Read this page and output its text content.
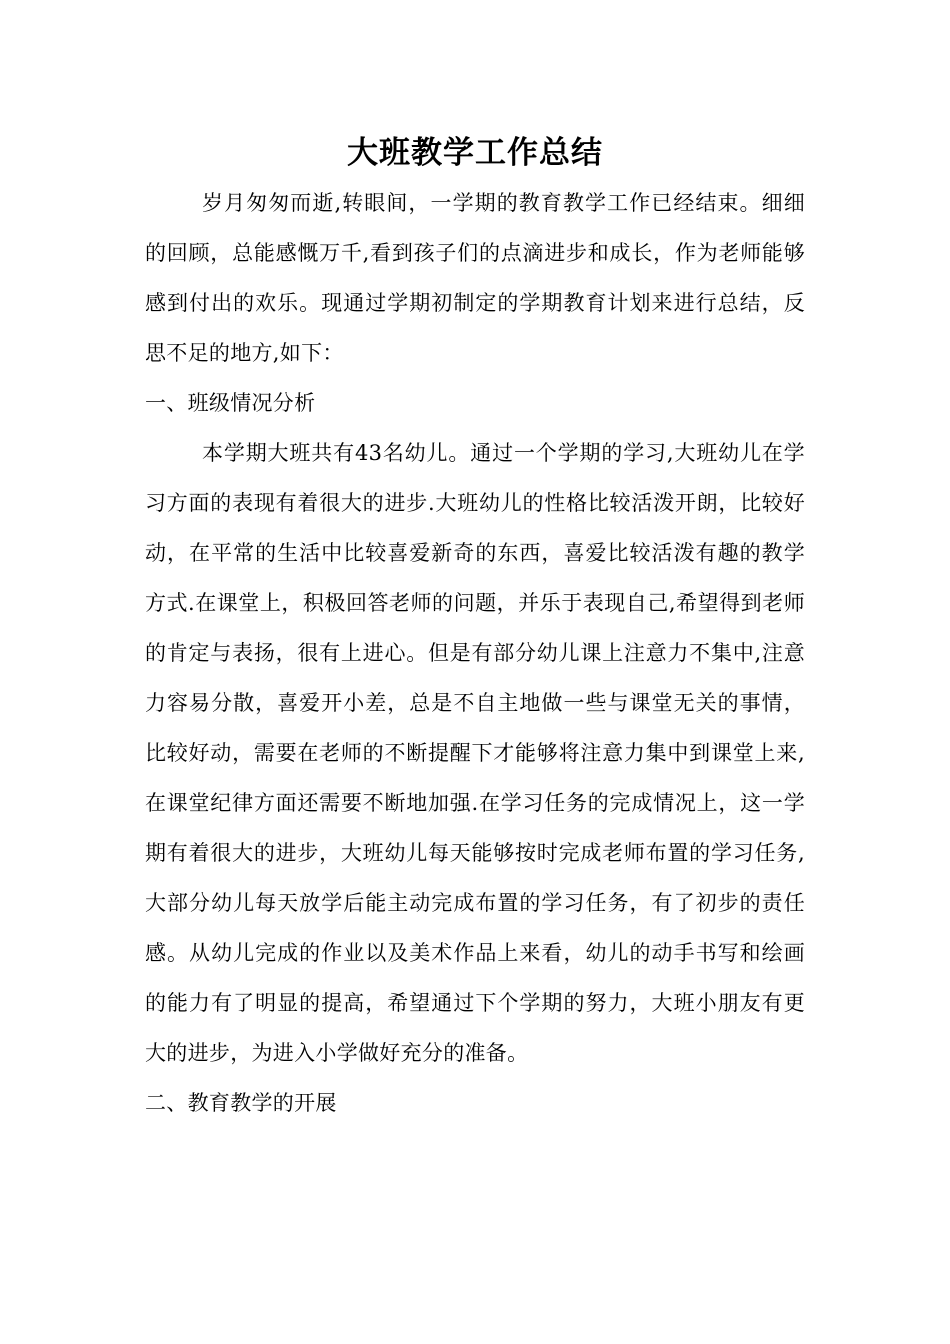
大班教学工作总结

岁月匆匆而逝,转眼间，一学期的教育教学工作已经结束。细细的回顾，总能感慨万千,看到孩子们的点滴进步和成长，作为老师能够感到付出的欢乐。现通过学期初制定的学期教育计划来进行总结，反思不足的地方,如下：

一、班级情况分析

本学期大班共有43名幼儿。通过一个学期的学习,大班幼儿在学习方面的表现有着很大的进步.大班幼儿的性格比较活泼开朗，比较好动，在平常的生活中比较喜爱新奇的东西，喜爱比较活泼有趣的教学方式.在课堂上，积极回答老师的问题，并乐于表现自己,希望得到老师的肯定与表扬，很有上进心。但是有部分幼儿课上注意力不集中,注意力容易分散，喜爱开小差，总是不自主地做一些与课堂无关的事情，比较好动，需要在老师的不断提醒下才能够将注意力集中到课堂上来,在课堂纪律方面还需要不断地加强.在学习任务的完成情况上，这一学期有着很大的进步，大班幼儿每天能够按时完成老师布置的学习任务,大部分幼儿每天放学后能主动完成布置的学习任务，有了初步的责任感。从幼儿完成的作业以及美术作品上来看，幼儿的动手书写和绘画的能力有了明显的提高，希望通过下个学期的努力，大班小朋友有更大的进步，为进入小学做好充分的准备。

二、教育教学的开展
